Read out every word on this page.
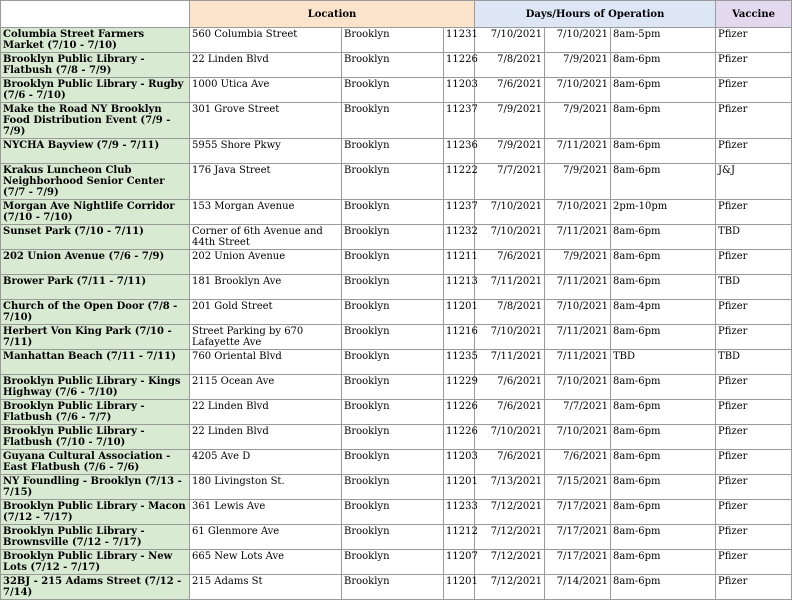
	Location			Days/Hours of Operation			Vaccine
Columbia Street Farmers Market (7/10 - 7/10)	560 Columbia Street	Brooklyn	11231	7/10/2021	7/10/2021	8am-5pm	Pfizer
Brooklyn Public Library - Flatbush (7/8 - 7/9)	22 Linden Blvd	Brooklyn	11226	7/8/2021	7/9/2021	8am-6pm	Pfizer
Brooklyn Public Library - Rugby (7/6 - 7/10)	1000 Utica Ave	Brooklyn	11203	7/6/2021	7/10/2021	8am-6pm	Pfizer
Make the Road NY Brooklyn Food Distribution Event (7/9 - 7/9)	301 Grove Street	Brooklyn	11237	7/9/2021	7/9/2021	8am-6pm	Pfizer
NYCHA Bayview (7/9 - 7/11)	5955 Shore Pkwy	Brooklyn	11236	7/9/2021	7/11/2021	8am-6pm	Pfizer
Krakus Luncheon Club Neighborhood Senior Center (7/7 - 7/9)	176 Java Street	Brooklyn	11222	7/7/2021	7/9/2021	8am-6pm	J&J
Morgan Ave Nightlife Corridor (7/10 - 7/10)	153 Morgan Avenue	Brooklyn	11237	7/10/2021	7/10/2021	2pm-10pm	Pfizer
Sunset Park (7/10 - 7/11)	Corner of 6th Avenue and 44th Street	Brooklyn	11232	7/10/2021	7/11/2021	8am-6pm	TBD
202 Union Avenue (7/6 - 7/9)	202 Union Avenue	Brooklyn	11211	7/6/2021	7/9/2021	8am-6pm	Pfizer
Brower Park (7/11 - 7/11)	181 Brooklyn Ave	Brooklyn	11213	7/11/2021	7/11/2021	8am-6pm	TBD
Church of the Open Door (7/8 - 7/10)	201 Gold Street	Brooklyn	11201	7/8/2021	7/10/2021	8am-4pm	Pfizer
Herbert Von King Park (7/10 - 7/11)	Street Parking by 670 Lafayette Ave	Brooklyn	11216	7/10/2021	7/11/2021	8am-6pm	Pfizer
Manhattan Beach (7/11 - 7/11)	760 Oriental Blvd	Brooklyn	11235	7/11/2021	7/11/2021	TBD	TBD
Brooklyn Public Library - Kings Highway (7/6 - 7/10)	2115 Ocean Ave	Brooklyn	11229	7/6/2021	7/10/2021	8am-6pm	Pfizer
Brooklyn Public Library - Flatbush (7/6 - 7/7)	22 Linden Blvd	Brooklyn	11226	7/6/2021	7/7/2021	8am-6pm	Pfizer
Brooklyn Public Library - Flatbush (7/10 - 7/10)	22 Linden Blvd	Brooklyn	11226	7/10/2021	7/10/2021	8am-6pm	Pfizer
Guyana Cultural Association - East Flatbush (7/6 - 7/6)	4205 Ave D	Brooklyn	11203	7/6/2021	7/6/2021	8am-6pm	Pfizer
NY Foundling - Brooklyn (7/13 - 7/15)	180 Livingston St.	Brooklyn	11201	7/13/2021	7/15/2021	8am-6pm	Pfizer
Brooklyn Public Library - Macon (7/12 - 7/17)	361 Lewis Ave	Brooklyn	11233	7/12/2021	7/17/2021	8am-6pm	Pfizer
Brooklyn Public Library - Brownsville (7/12 - 7/17)	61 Glenmore Ave	Brooklyn	11212	7/12/2021	7/17/2021	8am-6pm	Pfizer
Brooklyn Public Library - New Lots (7/12 - 7/17)	665 New Lots Ave	Brooklyn	11207	7/12/2021	7/17/2021	8am-6pm	Pfizer
32BJ - 215 Adams Street (7/12 - 7/14)	215 Adams St	Brooklyn	11201	7/12/2021	7/14/2021	8am-6pm	Pfizer
